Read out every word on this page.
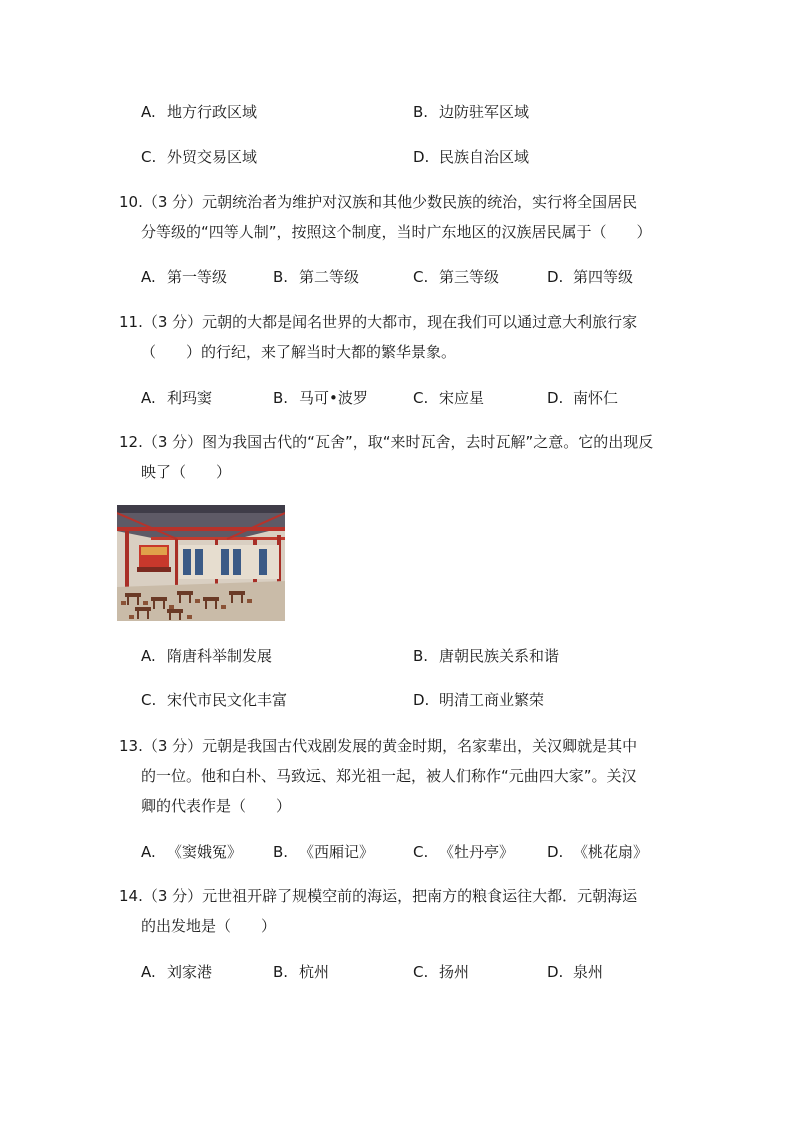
A. 地方行政区域	B. 边防驻军区域
C. 外贸交易区域	D. 民族自治区域
10.（3 分）元朝统治者为维护对汉族和其他少数民族的统治，实行将全国居民
分等级的“四等人制”，按照这个制度，当时广东地区的汉族居民属于（　　）
A. 第一等级	B. 第二等级	C. 第三等级	D. 第四等级
11.（3 分）元朝的大都是闻名世界的大都市，现在我们可以通过意大利旅行家
（　　）的行纪，来了解当时大都的繁华景象。
A. 利玛窦	B. 马可•波罗	C. 宋应星	D. 南怀仁
12.（3 分）图为我国古代的“瓦舍”，取“来时瓦舍，去时瓦解”之意。它的出现反
映了（　　）
A. 隋唐科举制发展	B. 唐朝民族关系和谐
C. 宋代市民文化丰富	D. 明清工商业繁荣
13.（3 分）元朝是我国古代戏剧发展的黄金时期，名家辈出，关汉卿就是其中
的一位。他和白朴、马致远、郑光祖一起，被人们称作“元曲四大家”。关汉
卿的代表作是（　　）
A. 《窦娥冤》 B. 《西厢记》	C. 《牡丹亭》 D. 《桃花扇》
14.（3 分）元世祖开辟了规模空前的海运，把南方的粮食运往大都．元朝海运
的出发地是（　　）
A. 刘家港	B. 杭州	C. 扬州	D. 泉州
